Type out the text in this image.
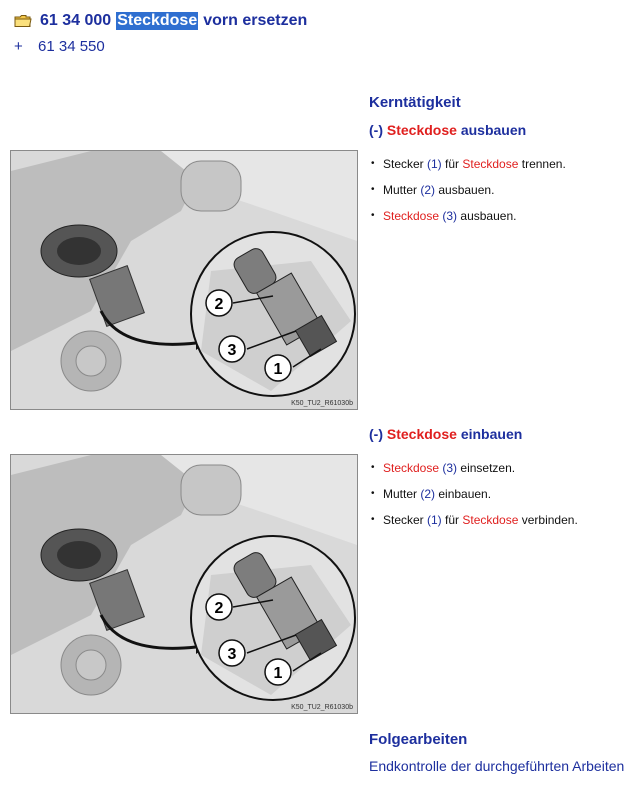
61 34 000 Steckdose vorn ersetzen
+ 61 34 550
Kerntätigkeit
(-) Steckdose ausbauen
• Stecker (1) für Steckdose trennen.
• Mutter (2) ausbauen.
• Steckdose (3) ausbauen.
2
3
1
K50_TU2_R61030b
(-) Steckdose einbauen
• Steckdose (3) einsetzen.
• Mutter (2) einbauen.
• Stecker (1) für Steckdose verbinden.
2
3
1
K50_TU2_R61030b
Folgearbeiten
Endkontrolle der durchgeführten Arbeiten
